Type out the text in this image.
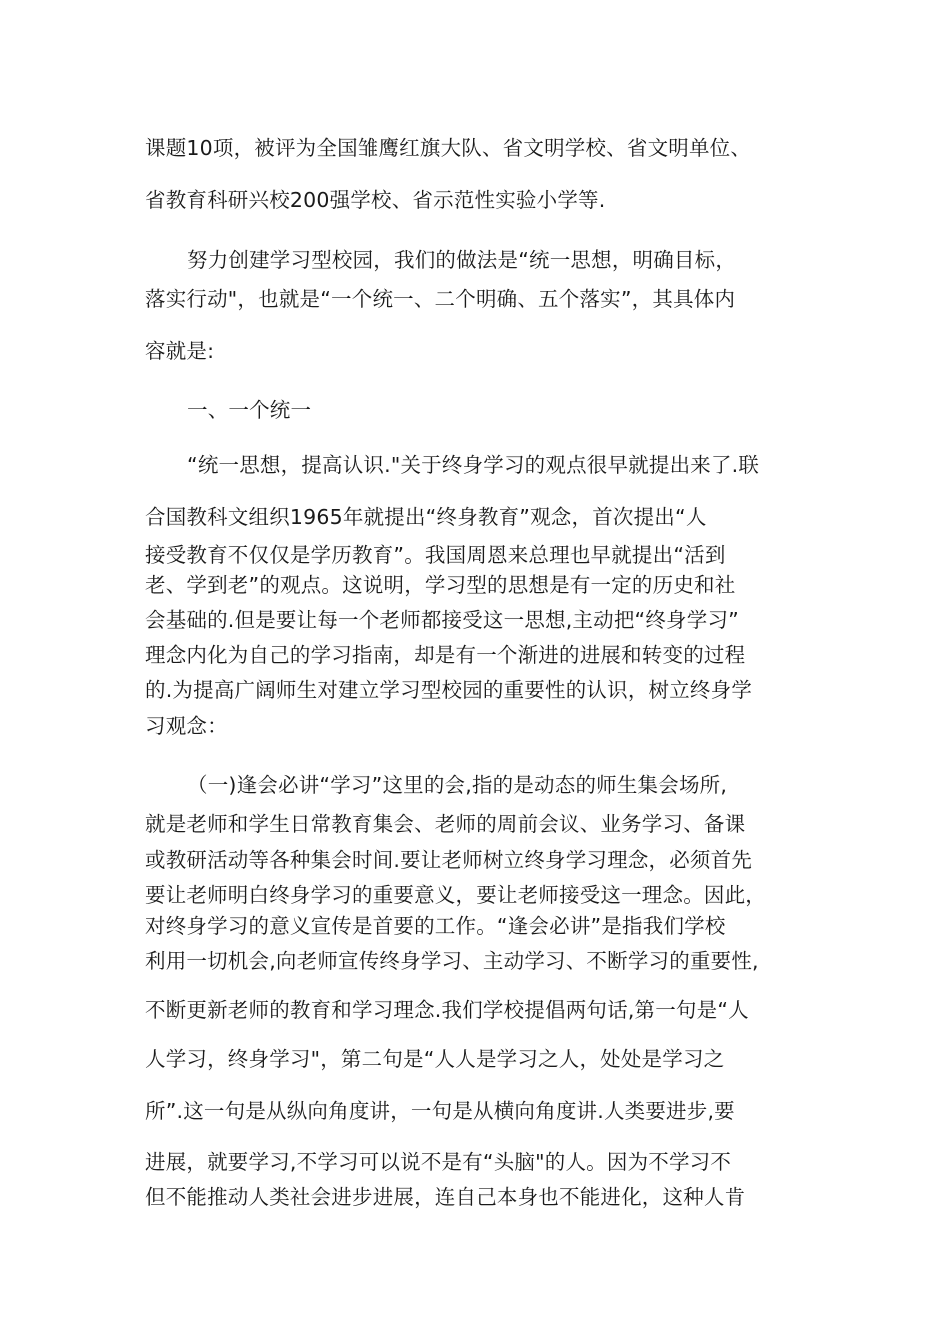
课题10项，被评为全国雏鹰红旗大队、省文明学校、省文明单位、
省教育科研兴校200强学校、省示范性实验小学等.
努力创建学习型校园，我们的做法是“统一思想，明确目标，
落实行动"，也就是“一个统一、二个明确、五个落实”，其具体内
容就是:
一、一个统一
“统一思想，提高认识."关于终身学习的观点很早就提出来了.联
合国教科文组织1965年就提出“终身教育”观念，首次提出“人
接受教育不仅仅是学历教育”。我国周恩来总理也早就提出“活到
老、学到老”的观点。这说明，学习型的思想是有一定的历史和社
会基础的.但是要让每一个老师都接受这一思想,主动把“终身学习”
理念内化为自己的学习指南，却是有一个渐进的进展和转变的过程
的.为提高广阔师生对建立学习型校园的重要性的认识，树立终身学
习观念：
（一)逢会必讲“学习”这里的会,指的是动态的师生集会场所,
就是老师和学生日常教育集会、老师的周前会议、业务学习、备课
或教研活动等各种集会时间.要让老师树立终身学习理念，必须首先
要让老师明白终身学习的重要意义，要让老师接受这一理念。因此，
对终身学习的意义宣传是首要的工作。“逢会必讲”是指我们学校
利用一切机会,向老师宣传终身学习、主动学习、不断学习的重要性,
不断更新老师的教育和学习理念.我们学校提倡两句话,第一句是“人
人学习，终身学习"，第二句是“人人是学习之人，处处是学习之
所”.这一句是从纵向角度讲，一句是从横向角度讲.人类要进步,要
进展，就要学习,不学习可以说不是有“头脑"的人。因为不学习不
但不能推动人类社会进步进展，连自己本身也不能进化，这种人肯
